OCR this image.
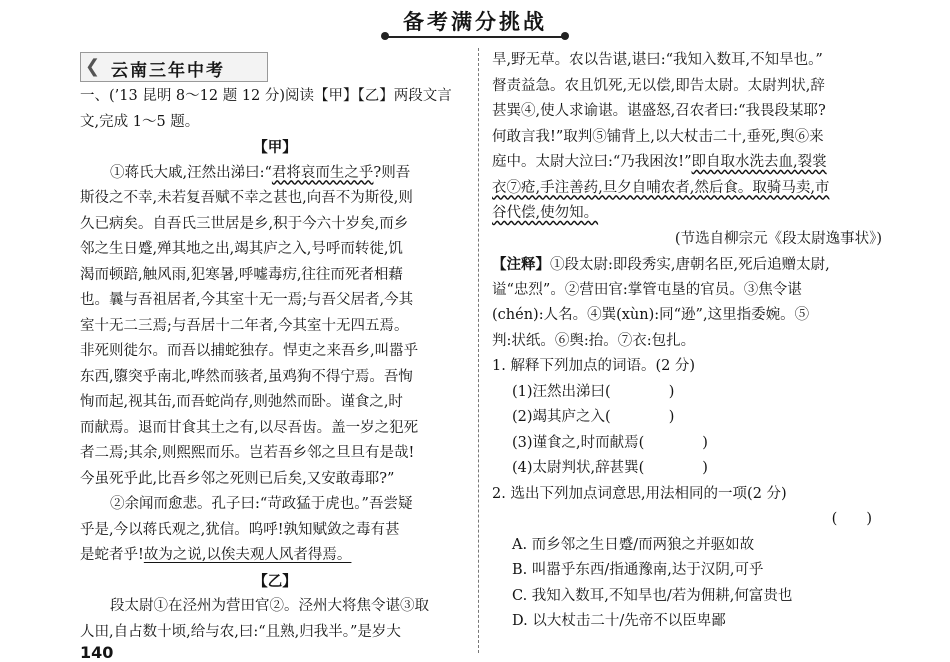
备考满分挑战
❮ 云南三年中考
一、(’13 昆明 8～12 题 12 分)阅读【甲】【乙】两段文言
文,完成 1～5 题。
【甲】
①蒋氏大戚,汪然出涕曰:“君将哀而生之乎?则吾
斯役之不幸,未若复吾赋不幸之甚也,向吾不为斯役,则
久已病矣。自吾氏三世居是乡,积于今六十岁矣,而乡
邻之生日蹙,殚其地之出,竭其庐之入,号呼而转徙,饥
渴而顿踣,触风雨,犯寒暑,呼嘘毒疠,往往而死者相藉
也。曩与吾祖居者,今其室十无一焉;与吾父居者,今其
室十无二三焉;与吾居十二年者,今其室十无四五焉。
非死则徙尔。而吾以捕蛇独存。悍吏之来吾乡,叫嚣乎
东西,隳突乎南北,哗然而骇者,虽鸡狗不得宁焉。吾恂
恂而起,视其缶,而吾蛇尚存,则弛然而卧。谨食之,时
而献焉。退而甘食其土之有,以尽吾齿。盖一岁之犯死
者二焉;其余,则熙熙而乐。岂若吾乡邻之旦旦有是哉!
今虽死乎此,比吾乡邻之死则已后矣,又安敢毒耶?”
②余闻而愈悲。孔子曰:“苛政猛于虎也。”吾尝疑
乎是,今以蒋氏观之,犹信。呜呼!孰知赋敛之毒有甚
是蛇者乎!故为之说,以俟夫观人风者得焉。
【乙】
段太尉①在泾州为营田官②。泾州大将焦令谌③取
人田,自占数十顷,给与农,曰:“且熟,归我半。”是岁大
旱,野无草。农以告谌,谌曰:“我知入数耳,不知旱也。”
督责益急。农且饥死,无以偿,即告太尉。太尉判状,辞
甚巽④,使人求谕谌。谌盛怒,召农者曰:“我畏段某耶?
何敢言我!”取判⑤铺背上,以大杖击二十,垂死,舆⑥来
庭中。太尉大泣曰:“乃我困汝!”即自取水洗去血,裂裳
衣⑦疮,手注善药,旦夕自哺农者,然后食。取骑马卖,市
谷代偿,使勿知。
(节选自柳宗元《段太尉逸事状》)
【注释】①段太尉:即段秀实,唐朝名臣,死后追赠太尉,
谥“忠烈”。②营田官:掌管屯垦的官员。③焦令谌
(chén):人名。④巽(xùn):同“逊”,这里指委婉。⑤
判:状纸。⑥舆:抬。⑦衣:包扎。
1. 解释下列加点的词语。(2 分)
(1)汪然出涕曰(　　　　)
(2)竭其庐之入(　　　　)
(3)谨食之,时而献焉(　　　　)
(4)太尉判状,辞甚巽(　　　　)
2. 选出下列加点词意思,用法相同的一项(2 分)
(　　)
A. 而乡邻之生日蹙/而两狼之并驱如故
B. 叫嚣乎东西/指通豫南,达于汉阴,可乎
C. 我知入数耳,不知旱也/若为佣耕,何富贵也
D. 以大杖击二十/先帝不以臣卑鄙
140
